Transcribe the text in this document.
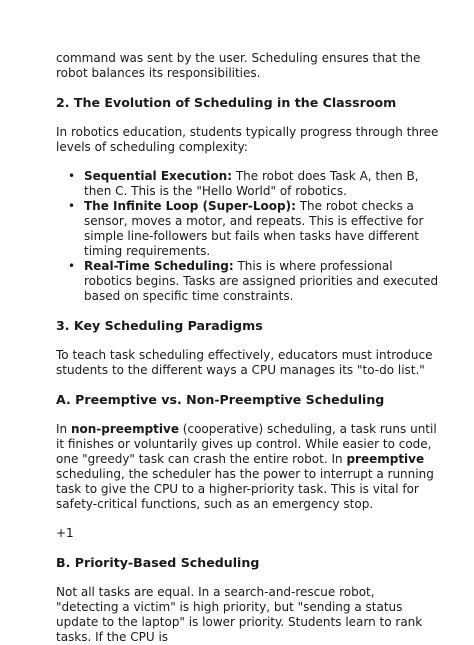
command was sent by the user. Scheduling ensures that the robot balances its responsibilities.

2. The Evolution of Scheduling in the Classroom

In robotics education, students typically progress through three levels of scheduling complexity:

• Sequential Execution: The robot does Task A, then B, then C. This is the "Hello World" of robotics.
• The Infinite Loop (Super-Loop): The robot checks a sensor, moves a motor, and repeats. This is effective for simple line-followers but fails when tasks have different timing requirements.
• Real-Time Scheduling: This is where professional robotics begins. Tasks are assigned priorities and executed based on specific time constraints.
3. Key Scheduling Paradigms

To teach task scheduling effectively, educators must introduce students to the different ways a CPU manages its "to-do list."

A. Preemptive vs. Non-Preemptive Scheduling

In non-preemptive (cooperative) scheduling, a task runs until it finishes or voluntarily gives up control. While easier to code, one "greedy" task can crash the entire robot. In preemptive scheduling, the scheduler has the power to interrupt a running task to give the CPU to a higher-priority task. This is vital for safety-critical functions, such as an emergency stop.

+1

B. Priority-Based Scheduling

Not all tasks are equal. In a search-and-rescue robot, "detecting a victim" is high priority, but "sending a status update to the laptop" is lower priority. Students learn to rank tasks. If the CPU is
